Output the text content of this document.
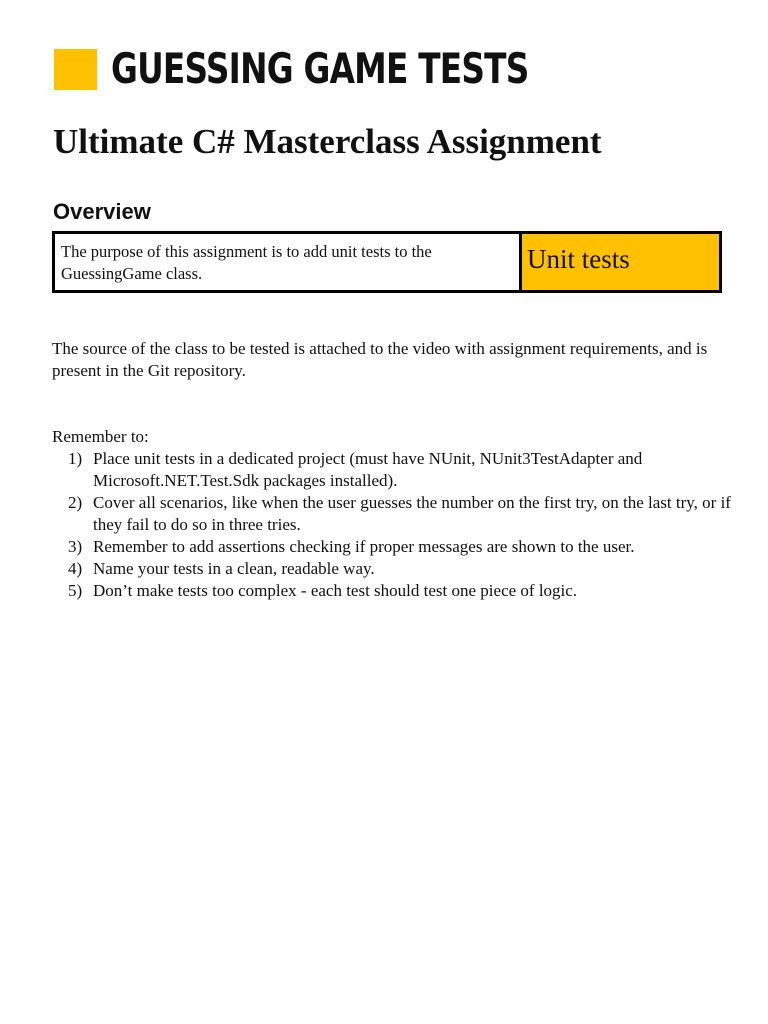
GUESSING GAME TESTS
Ultimate C# Masterclass Assignment
Overview
The purpose of this assignment is to add unit tests to the GuessingGame class.	Unit tests
The source of the class to be tested is attached to the video with assignment requirements, and is present in the Git repository.
Remember to:
1) Place unit tests in a dedicated project (must have NUnit, NUnit3TestAdapter and Microsoft.NET.Test.Sdk packages installed).
2) Cover all scenarios, like when the user guesses the number on the first try, on the last try, or if they fail to do so in three tries.
3) Remember to add assertions checking if proper messages are shown to the user.
4) Name your tests in a clean, readable way.
5) Don’t make tests too complex - each test should test one piece of logic.
